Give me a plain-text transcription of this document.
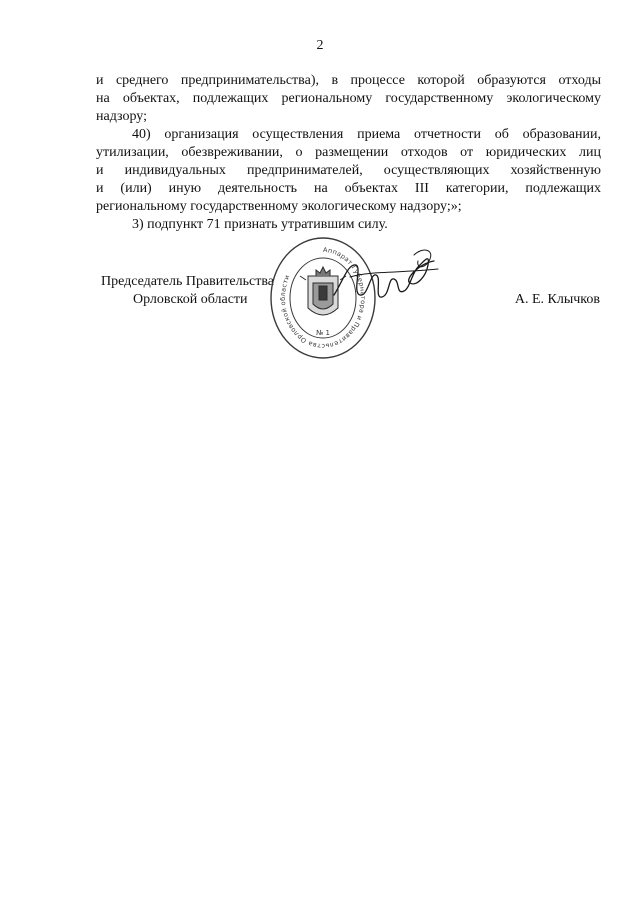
2

и среднего предпринимательства), в процессе которой образуются отходы
на объектах, подлежащих региональному государственному экологическому
надзору;

40) организация осуществления приема отчетности об образовании,
утилизации, обезвреживании, о размещении отходов от юридических лиц
и индивидуальных предпринимателей, осуществляющих хозяйственную
и (или) иную деятельность на объектах III категории, подлежащих
региональному государственному экологическому надзору;»;

3) подпункт 71 признать утратившим силу.

Председатель Правительства
Орловской области	А. Е. Клычков
Аппарат Губернатора и Правительства Орловской области
№ 1
